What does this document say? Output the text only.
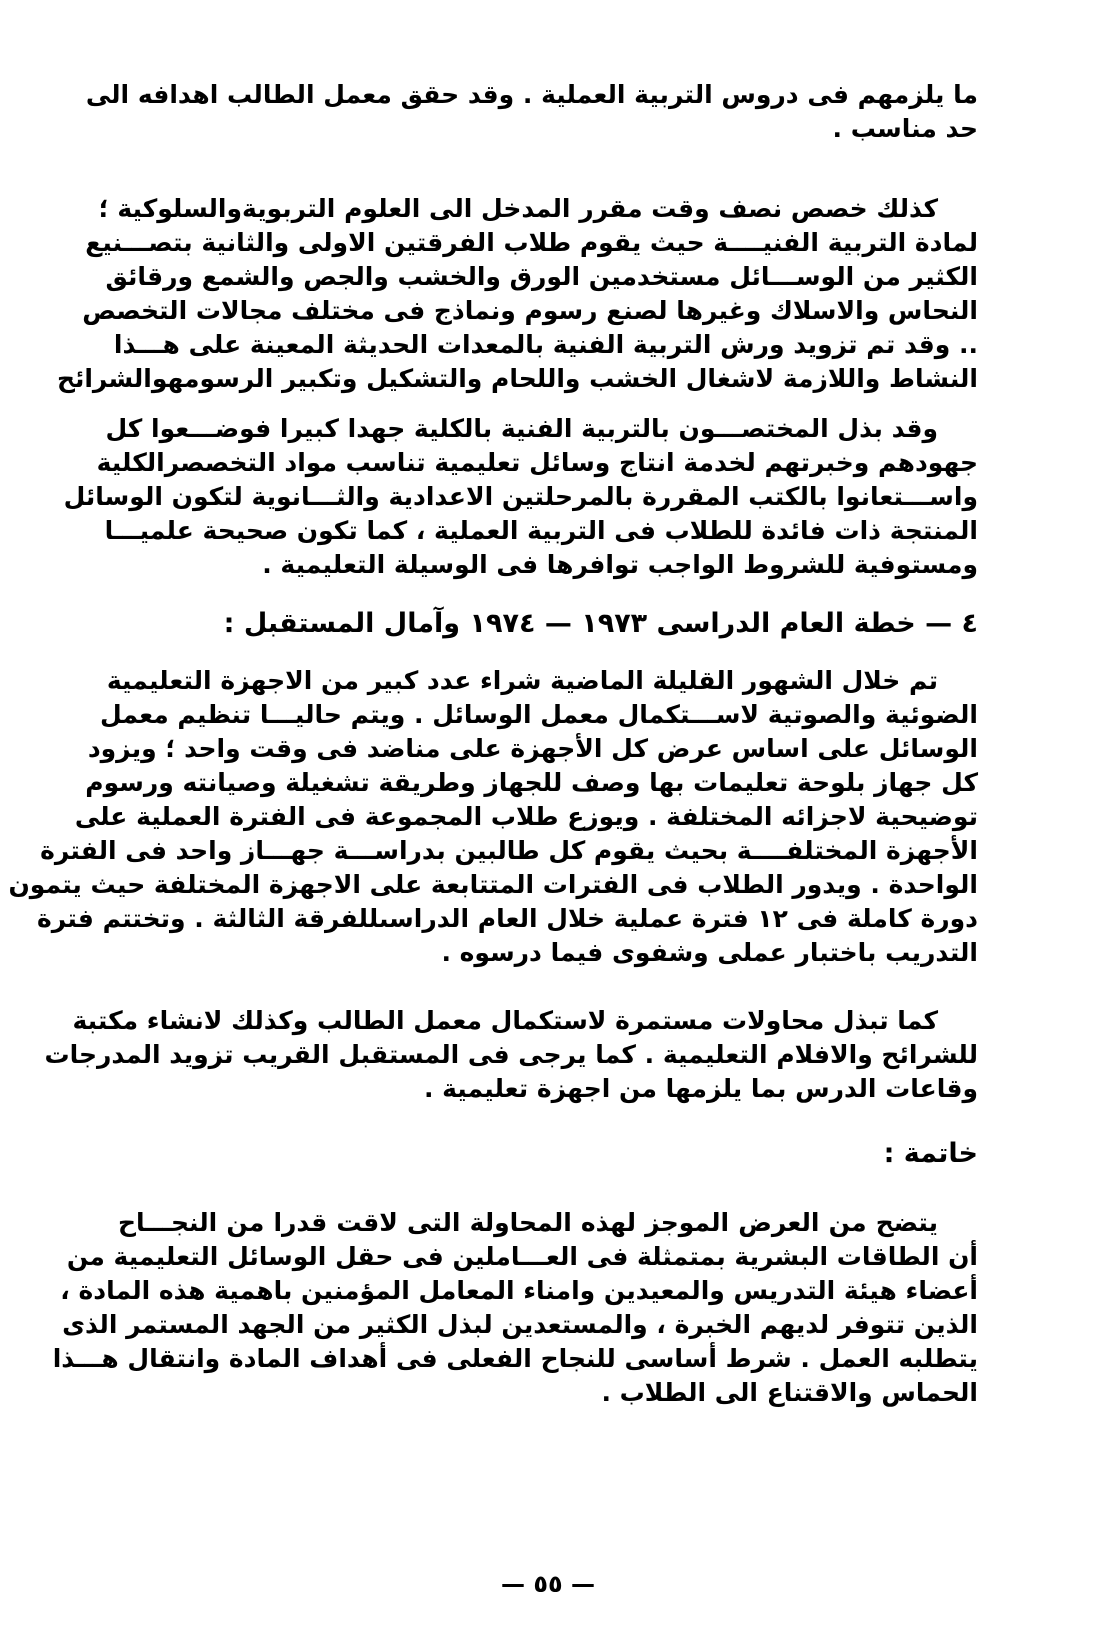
ما يلزمهم فى دروس التربية العملية . وقد حقق معمل الطالب اهدافه الى
حد مناسب .
كذلك خصص نصف وقت مقرر المدخل الى العلوم التربويةوالسلوكية ؛
لمادة التربية الفنيــــة حيث يقوم طلاب الفرقتين الاولى والثانية بتصـــنيع
الكثير من الوســـائل مستخدمين الورق والخشب والجص والشمع ورقائق
النحاس والاسلاك وغيرها لصنع رسوم ونماذج فى مختلف مجالات التخصص
.. وقد تم تزويد ورش التربية الفنية بالمعدات الحديثة المعينة على هـــذا
النشاط واللازمة لاشغال الخشب واللحام والتشكيل وتكبير الرسومهوالشرائح
وقد بذل المختصـــون بالتربية الفنية بالكلية جهدا كبيرا فوضـــعوا كل
جهودهم وخبرتهم لخدمة انتاج وسائل تعليمية تناسب مواد التخصصرالكلية
واســـتعانوا بالكتب المقررة بالمرحلتين الاعدادية والثـــانوية لتكون الوسائل
المنتجة ذات فائدة للطلاب فى التربية العملية ، كما تكون صحيحة علميـــا
ومستوفية للشروط الواجب توافرها فى الوسيلة التعليمية .
٤ — خطة العام الدراسى ١٩٧٣ — ١٩٧٤ وآمال المستقبل :
تم خلال الشهور القليلة الماضية شراء عدد كبير من الاجهزة التعليمية
الضوئية والصوتية لاســـتكمال معمل الوسائل . ويتم حاليـــا تنظيم معمل
الوسائل على اساس عرض كل الأجهزة على مناضد فى وقت واحد ؛ ويزود
كل جهاز بلوحة تعليمات بها وصف للجهاز وطريقة تشغيلة وصيانته ورسوم
توضيحية لاجزائه المختلفة . ويوزع طلاب المجموعة فى الفترة العملية على
الأجهزة المختلفــــة بحيث يقوم كل طالبين بدراســـة جهـــاز واحد فى الفترة
الواحدة . ويدور الطلاب فى الفترات المتتابعة على الاجهزة المختلفة حيث يتمون
دورة كاملة فى ١٢ فترة عملية خلال العام الدراسىللفرقة الثالثة . وتختتم فترة
التدريب باختبار عملى وشفوى فيما درسوه .
كما تبذل محاولات مستمرة لاستكمال معمل الطالب وكذلك لانشاء مكتبة
للشرائح والافلام التعليمية . كما يرجى فى المستقبل القريب تزويد المدرجات
وقاعات الدرس بما يلزمها من اجهزة تعليمية .
خاتمة :
يتضح من العرض الموجز لهذه المحاولة التى لاقت قدرا من النجـــاح
أن الطاقات البشرية بمتمثلة فى العـــاملين فى حقل الوسائل التعليمية من
أعضاء هيئة التدريس والمعيدين وامناء المعامل المؤمنين باهمية هذه المادة ،
الذين تتوفر لديهم الخبرة ، والمستعدين لبذل الكثير من الجهد المستمر الذى
يتطلبه العمل . شرط أساسى للنجاح الفعلى فى أهداف المادة وانتقال هـــذا
الحماس والاقتناع الى الطلاب .
— ٥٥ —
